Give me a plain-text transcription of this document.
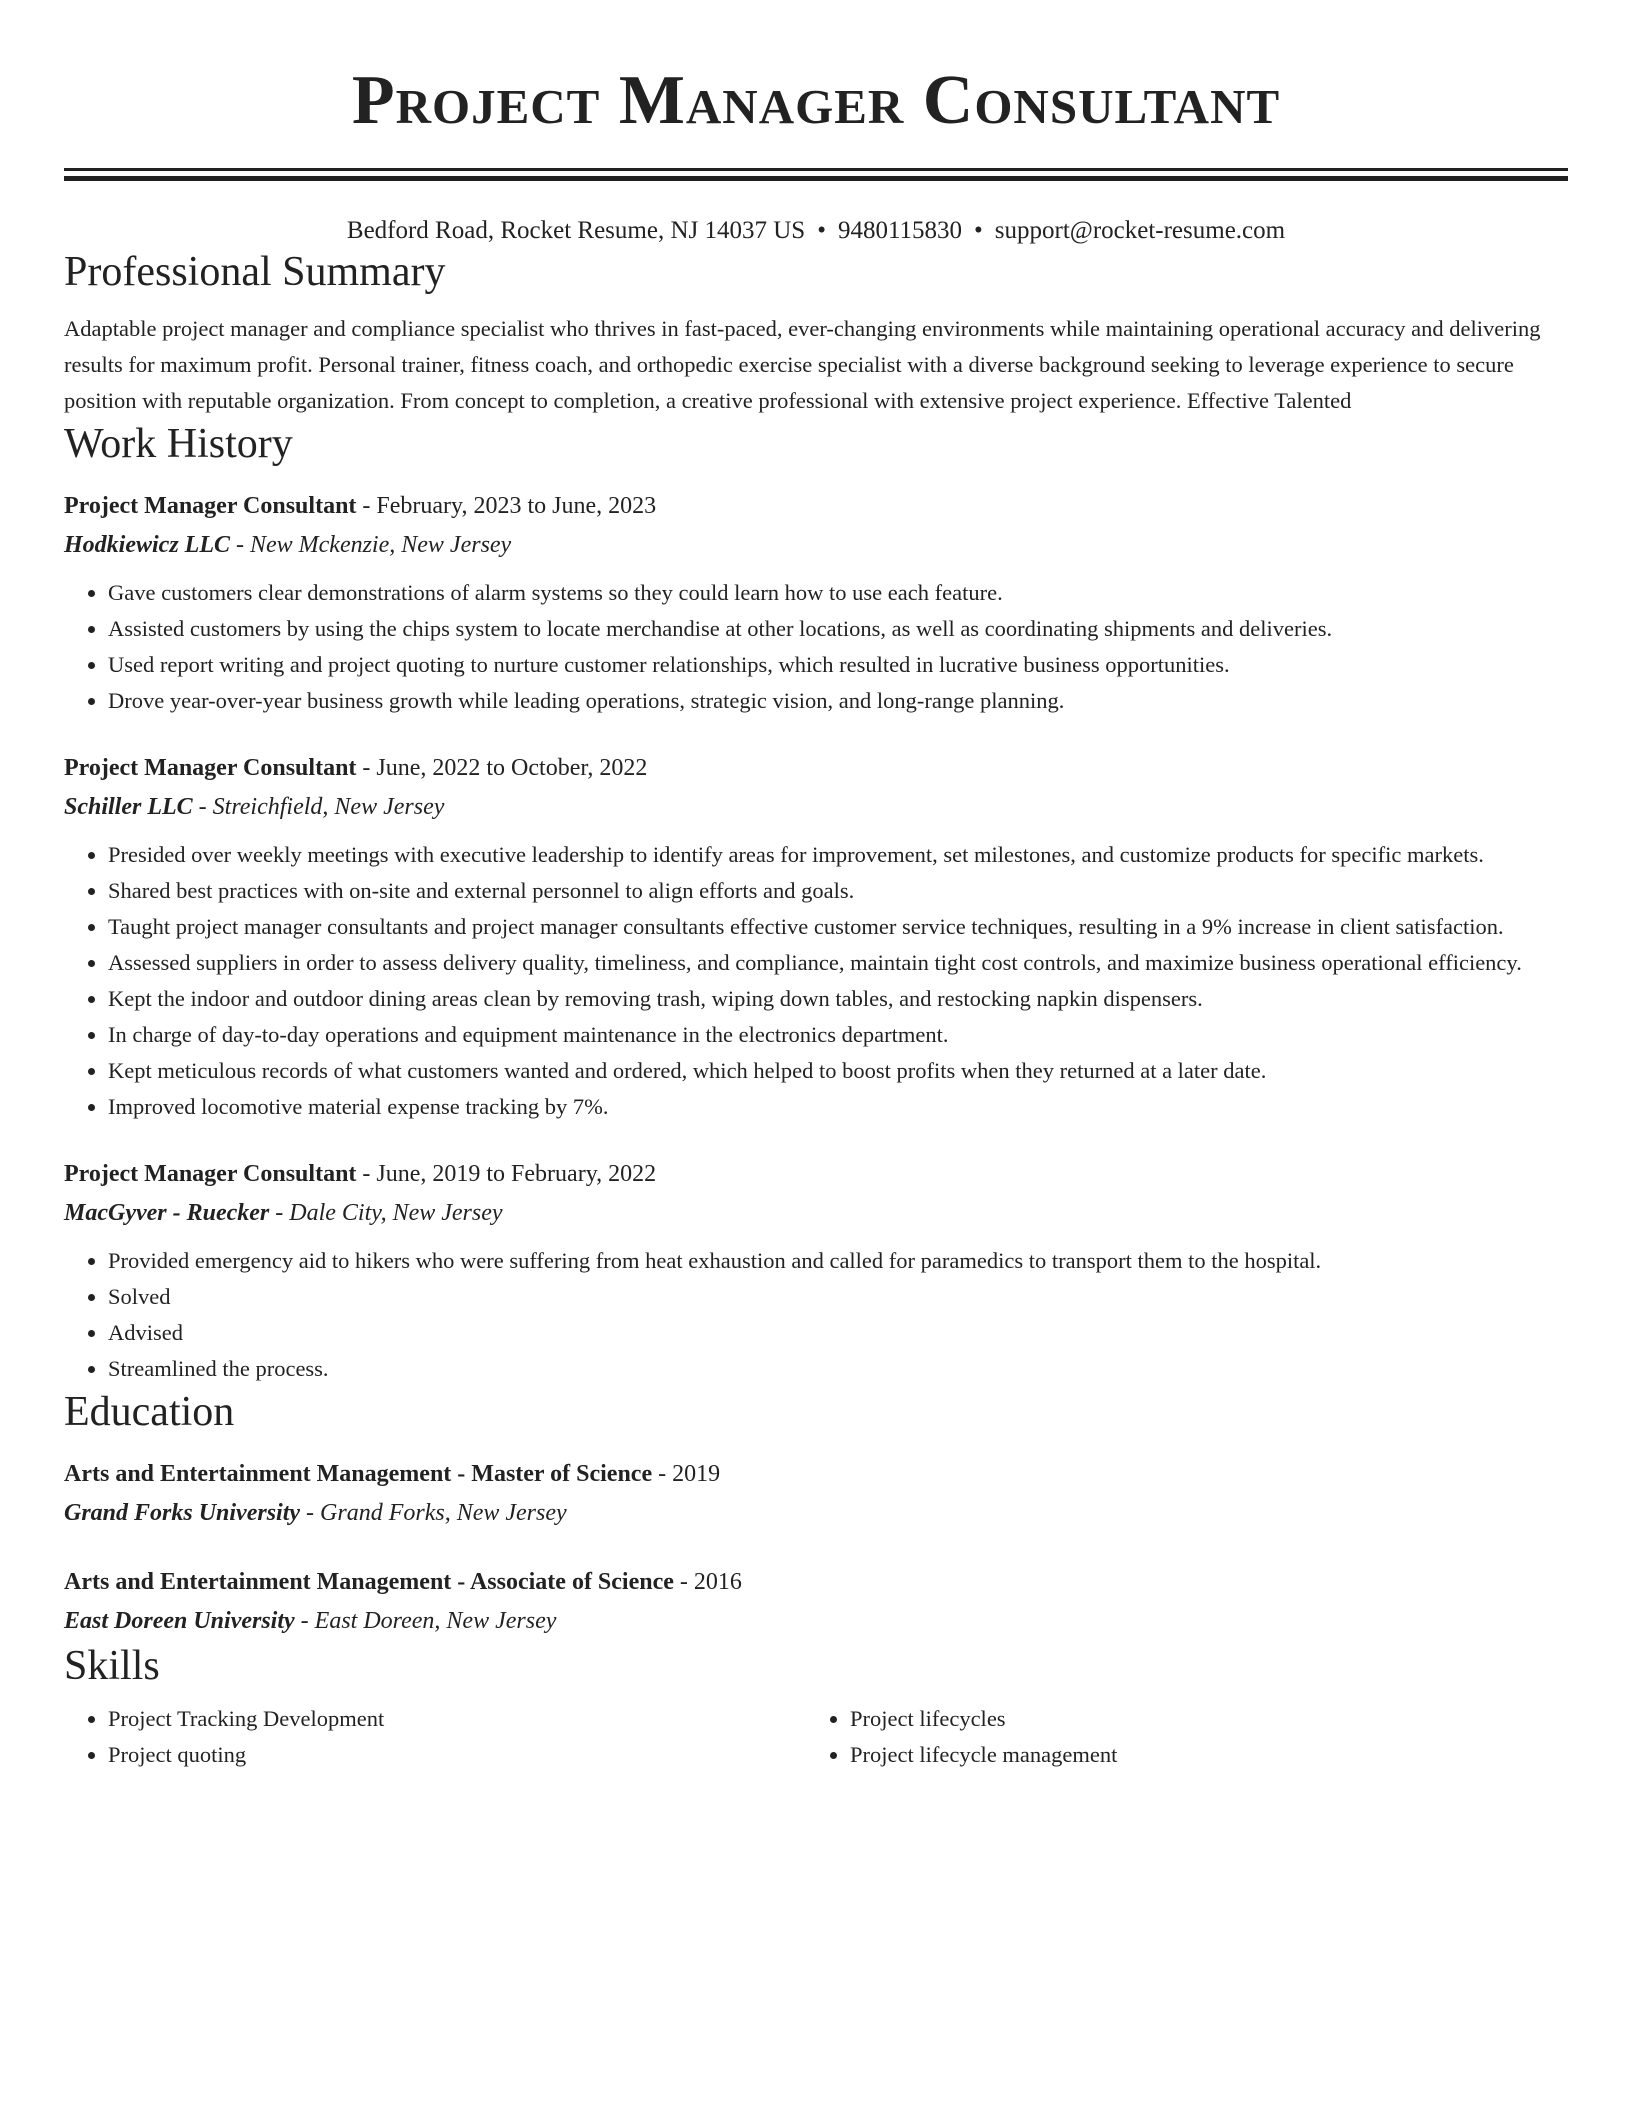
Project Manager Consultant
Bedford Road, Rocket Resume, NJ 14037 US • 9480115830 • support@rocket-resume.com
Professional Summary
Adaptable project manager and compliance specialist who thrives in fast-paced, ever-changing environments while maintaining operational accuracy and delivering results for maximum profit. Personal trainer, fitness coach, and orthopedic exercise specialist with a diverse background seeking to leverage experience to secure position with reputable organization. From concept to completion, a creative professional with extensive project experience. Effective Talented
Work History
Project Manager Consultant - February, 2023 to June, 2023
Hodkiewicz LLC - New Mckenzie, New Jersey
• Gave customers clear demonstrations of alarm systems so they could learn how to use each feature.
• Assisted customers by using the chips system to locate merchandise at other locations, as well as coordinating shipments and deliveries.
• Used report writing and project quoting to nurture customer relationships, which resulted in lucrative business opportunities.
• Drove year-over-year business growth while leading operations, strategic vision, and long-range planning.
Project Manager Consultant - June, 2022 to October, 2022
Schiller LLC - Streichfield, New Jersey
• Presided over weekly meetings with executive leadership to identify areas for improvement, set milestones, and customize products for specific markets.
• Shared best practices with on-site and external personnel to align efforts and goals.
• Taught project manager consultants and project manager consultants effective customer service techniques, resulting in a 9% increase in client satisfaction.
• Assessed suppliers in order to assess delivery quality, timeliness, and compliance, maintain tight cost controls, and maximize business operational efficiency.
• Kept the indoor and outdoor dining areas clean by removing trash, wiping down tables, and restocking napkin dispensers.
• In charge of day-to-day operations and equipment maintenance in the electronics department.
• Kept meticulous records of what customers wanted and ordered, which helped to boost profits when they returned at a later date.
• Improved locomotive material expense tracking by 7%.
Project Manager Consultant - June, 2019 to February, 2022
MacGyver - Ruecker - Dale City, New Jersey
• Provided emergency aid to hikers who were suffering from heat exhaustion and called for paramedics to transport them to the hospital.
• Solved
• Advised
• Streamlined the process.
Education
Arts and Entertainment Management - Master of Science - 2019
Grand Forks University - Grand Forks, New Jersey
Arts and Entertainment Management - Associate of Science - 2016
East Doreen University - East Doreen, New Jersey
Skills
• Project Tracking Development
• Project quoting
• Project lifecycles
• Project lifecycle management
